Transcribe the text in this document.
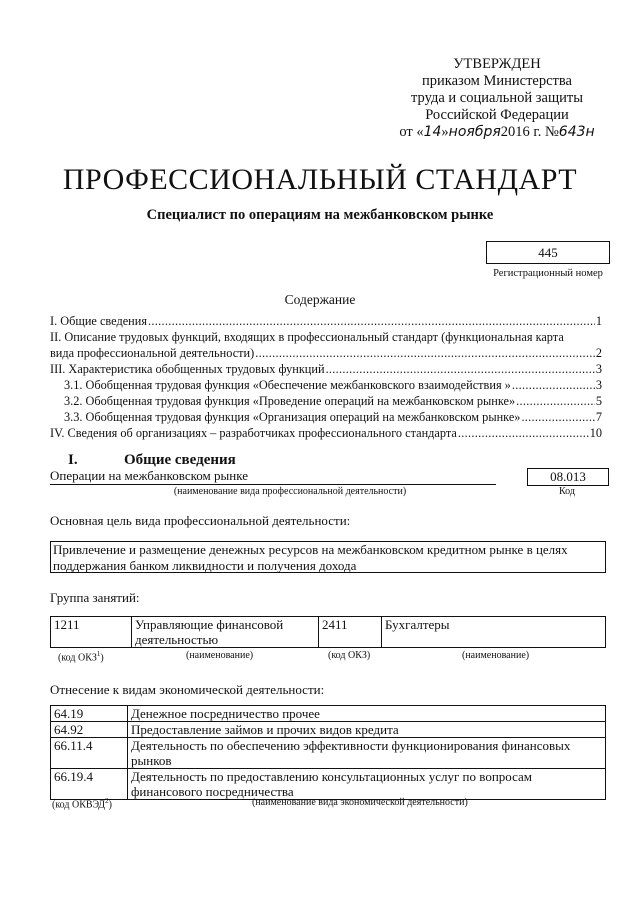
УТВЕРЖДЕН
приказом Министерства
труда и социальной защиты
Российской Федерации
от «14»ноября2016 г. №643н
ПРОФЕССИОНАЛЬНЫЙ СТАНДАРТ
Специалист по операциям на межбанковском рынке
445
Регистрационный номер
Содержание
I. Общие сведения .....	1
II. Описание трудовых функций, входящих в профессиональный стандарт (функциональная карта
вида профессиональной деятельности) .....	2
III. Характеристика обобщенных трудовых функций .....	3
3.1. Обобщенная трудовая функция «Обеспечение межбанковского взаимодействия » .....	3
3.2. Обобщенная трудовая функция «Проведение операций на межбанковском рынке» .....	5
3.3. Обобщенная трудовая функция «Организация операций на межбанковском рынке» .....	7
IV. Сведения об организациях – разработчиках профессионального стандарта .....	10
I.	Общие сведения
Операции на межбанковском рынке	08.013
(наименование вида профессиональной деятельности)	Код
Основная цель вида профессиональной деятельности:
Привлечение и размещение денежных ресурсов на межбанковском кредитном рынке в целях
поддержания банком ликвидности и получения дохода
Группа занятий:
1211	Управляющие финансовой деятельностью	2411	Бухгалтеры
(код ОКЗ$^1$)	(наименование)	(код ОКЗ)	(наименование)
Отнесение к видам экономической деятельности:
64.19	Денежное посредничество прочее
64.92	Предоставление займов и прочих видов кредита
66.11.4	Деятельность по обеспечению эффективности функционирования финансовых
рынков

66.19.4	Деятельность по предоставлению консультационных услуг по вопросам
финансового посредничества
(код ОКВЭД$^2$)	(наименование вида экономической деятельности)
